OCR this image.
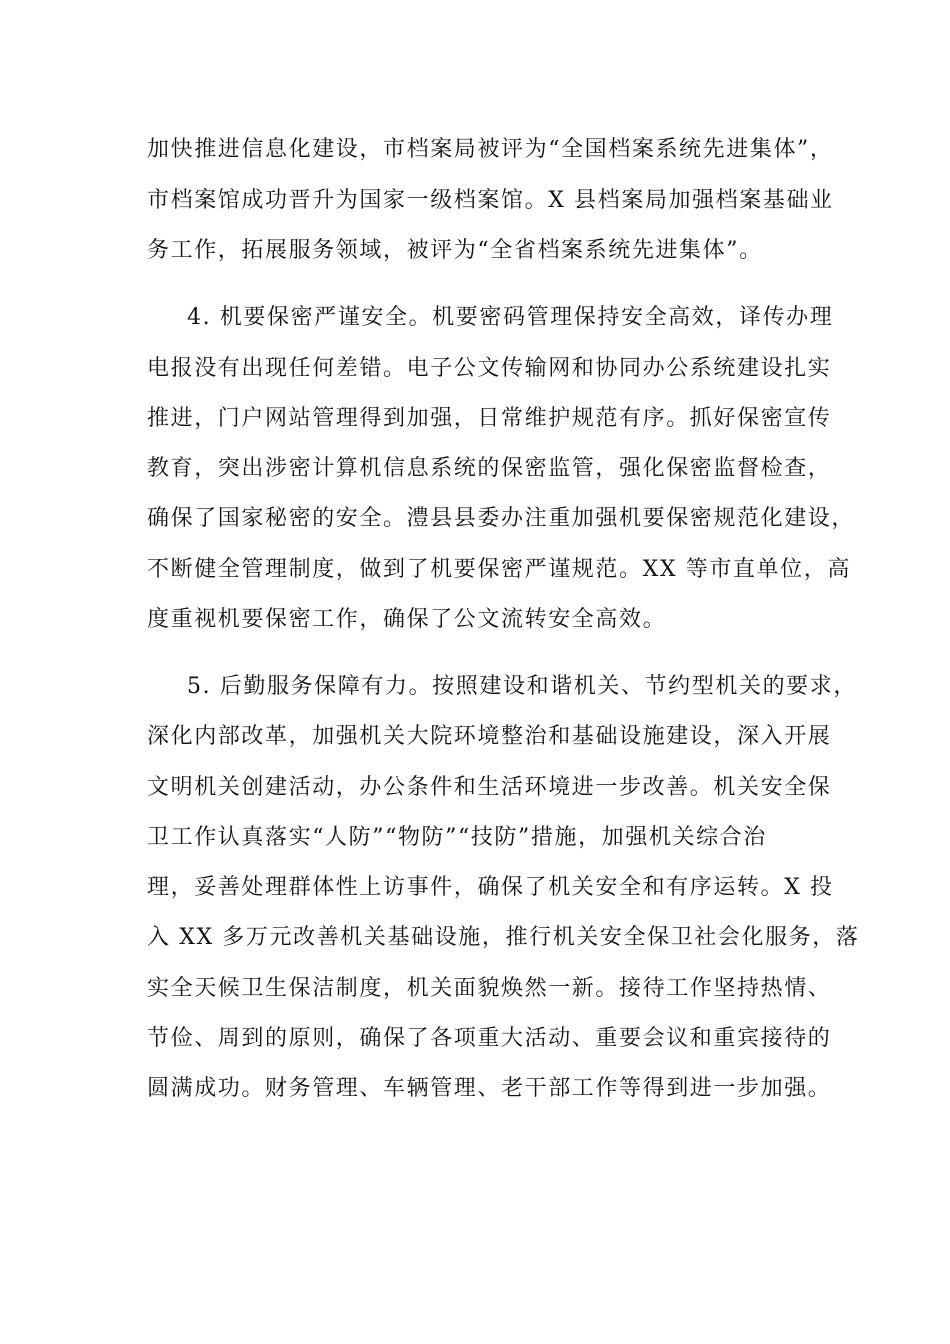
加快推进信息化建设，市档案局被评为“全国档案系统先进集体”，
市档案馆成功晋升为国家一级档案馆。X 县档案局加强档案基础业
务工作，拓展服务领域，被评为“全省档案系统先进集体”。
4. 机要保密严谨安全。机要密码管理保持安全高效，译传办理
电报没有出现任何差错。电子公文传输网和协同办公系统建设扎实
推进，门户网站管理得到加强，日常维护规范有序。抓好保密宣传
教育，突出涉密计算机信息系统的保密监管，强化保密监督检查，
确保了国家秘密的安全。澧县县委办注重加强机要保密规范化建设，
不断健全管理制度，做到了机要保密严谨规范。XX 等市直单位，高
度重视机要保密工作，确保了公文流转安全高效。
5. 后勤服务保障有力。按照建设和谐机关、节约型机关的要求，
深化内部改革，加强机关大院环境整治和基础设施建设，深入开展
文明机关创建活动，办公条件和生活环境进一步改善。机关安全保
卫工作认真落实“人防”“物防”“技防”措施，加强机关综合治
理，妥善处理群体性上访事件，确保了机关安全和有序运转。X 投
入 XX 多万元改善机关基础设施，推行机关安全保卫社会化服务，落
实全天候卫生保洁制度，机关面貌焕然一新。接待工作坚持热情、
节俭、周到的原则，确保了各项重大活动、重要会议和重宾接待的
圆满成功。财务管理、车辆管理、老干部工作等得到进一步加强。
